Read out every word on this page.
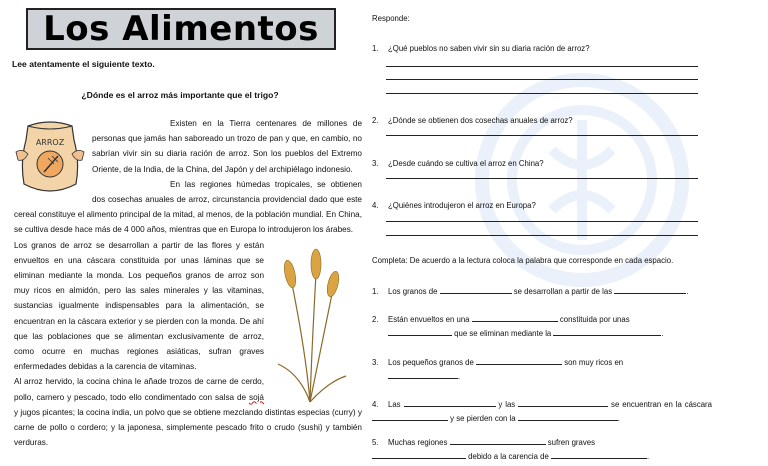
Los Alimentos
Lee atentamente el siguiente texto.
¿Dónde es el arroz más importante que el trigo?
ARROZ

Existen en la Tierra centenares de millones de personas que jamás han saboreado un trozo de pan y que, en cambio, no sabrían vivir sin su diaria ración de arroz. Son los pueblos del Extremo Oriente, de la India, de la China, del Japón y del archipiélago indonesio.

En las regiones húmedas tropicales, se obtienen dos cosechas anuales de arroz, circunstancia providencial dado que este cereal constituye el alimento principal de la mitad, al menos, de la población mundial. En China, se cultiva desde hace más de 4 000 años, mientras que en Europa lo introdujeron los árabes.

Los granos de arroz se desarrollan a partir de las flores y están envueltos en una cáscara constituida por unas láminas que se eliminan mediante la monda. Los pequeños granos de arroz son muy ricos en almidón, pero las sales minerales y las vitaminas, sustancias igualmente indispensables para la alimentación, se encuentran en la cáscara exterior y se pierden con la monda. De ahí que las poblaciones que se alimentan exclusivamente de arroz, como ocurre en muchas regiones asiáticas, sufran graves enfermedades debidas a la carencia de vitaminas.

Al arroz hervido, la cocina china le añade trozos de carne de cerdo, pollo, carnero y pescado, todo ello condimentado con salsa de sojá y jugos picantes; la cocina india, un polvo que se obtiene mezclando distintas especias (curry) y carne de pollo o cordero; y la japonesa, simplemente pescado frito o crudo (sushi) y también verduras.

Responde:
1. ¿Qué pueblos no saben vivir sin su diaria ración de arroz?
2. ¿Dónde se obtienen dos cosechas anuales de arroz?
3. ¿Desde cuándo se cultiva el arroz en China?
4. ¿Quiénes introdujeron el arroz en Europa?
Completa: De acuerdo a la lectura coloca la palabra que corresponde en cada espacio.
1. Los granos de	se desarrollan a partir de las	.
2. Están envueltos en una	constituida por unas
que se eliminan mediante la	.
3. Los pequeños granos de	son muy ricos en
.
4. Las	y las	se encuentran en la cáscara  y se pierden con la	.
5. Muchas regiones	sufren graves
debido a la carencia de	.
